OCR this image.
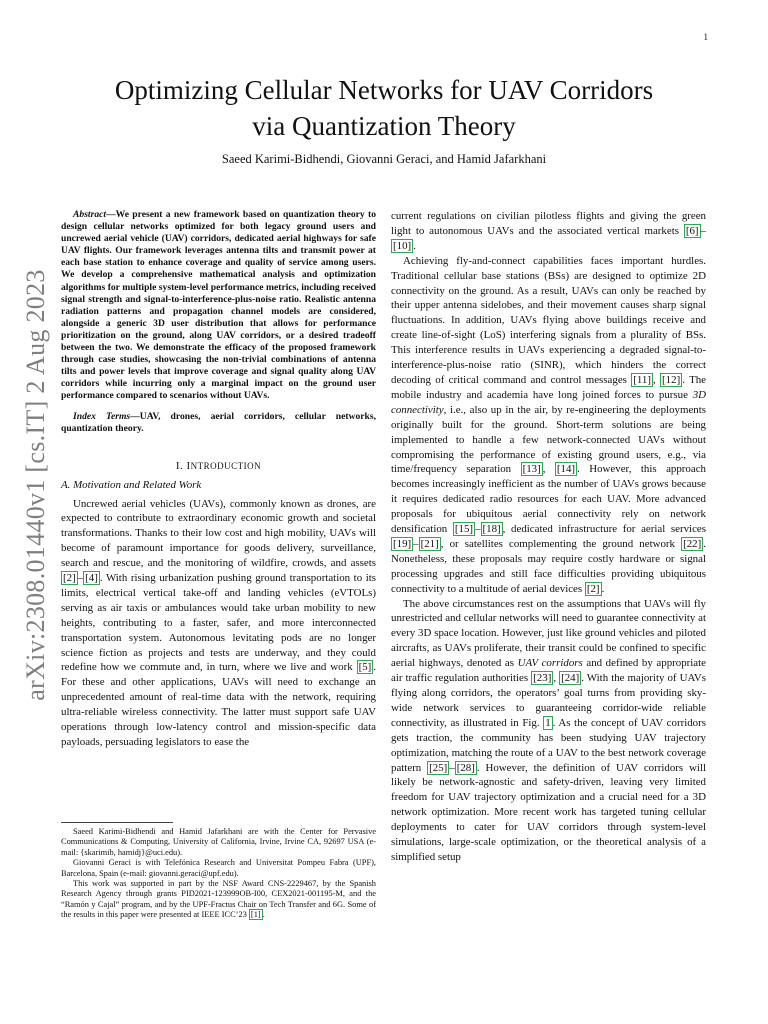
1
arXiv:2308.01440v1 [cs.IT] 2 Aug 2023
Optimizing Cellular Networks for UAV Corridors
via Quantization Theory
Saeed Karimi-Bidhendi, Giovanni Geraci, and Hamid Jafarkhani

Abstract—We present a new framework based on quantization theory to design cellular networks optimized for both legacy ground users and uncrewed aerial vehicle (UAV) corridors, dedicated aerial highways for safe UAV flights. Our framework leverages antenna tilts and transmit power at each base station to enhance coverage and quality of service among users. We develop a comprehensive mathematical analysis and optimization algorithms for multiple system-level performance metrics, including received signal strength and signal-to-interference-plus-noise ratio. Realistic antenna radiation patterns and propagation channel models are considered, alongside a generic 3D user distribution that allows for performance prioritization on the ground, along UAV corridors, or a desired tradeoff between the two. We demonstrate the efficacy of the proposed framework through case studies, showcasing the non-trivial combinations of antenna tilts and power levels that improve coverage and signal quality along UAV corridors while incurring only a marginal impact on the ground user performance compared to scenarios without UAVs.

Index Terms—UAV, drones, aerial corridors, cellular networks, quantization theory.

I. INTRODUCTION
A. Motivation and Related Work

Uncrewed aerial vehicles (UAVs), commonly known as drones, are expected to contribute to extraordinary economic growth and societal transformations. Thanks to their low cost and high mobility, UAVs will become of paramount importance for goods delivery, surveillance, search and rescue, and the monitoring of wildfire, crowds, and assets [2] – [4] . With rising urbanization pushing ground transportation to its limits, electrical vertical take-off and landing vehicles (eVTOLs) serving as air taxis or ambulances would take urban mobility to new heights, contributing to a faster, safer, and more interconnected transportation system. Autonomous levitating pods are no longer science fiction as projects and tests are underway, and they could redefine how we commute and, in turn, where we live and work [5] . For these and other applications, UAVs will need to exchange an unprecedented amount of real-time data with the network, requiring ultra-reliable wireless connectivity. The latter must support safe UAV operations through low-latency control and mission-specific data payloads, persuading legislators to ease the

Saeed Karimi-Bidhendi and Hamid Jafarkhani are with the Center for Pervasive Communications & Computing, University of California, Irvine, Irvine CA, 92697 USA (e-mail: {skarimib, hamidj}@uci.edu).

Giovanni Geraci is with Telefónica Research and Universitat Pompeu Fabra (UPF), Barcelona, Spain (e-mail: giovanni.geraci@upf.edu).

This work was supported in part by the NSF Award CNS-2229467, by the Spanish Research Agency through grants PID2021-123999OB-I00, CEX2021-001195-M, and the “Ramón y Cajal” program, and by the UPF-Fractus Chair on Tech Transfer and 6G. Some of the results in this paper were presented at IEEE ICC’23 [1] .

current regulations on civilian pilotless flights and giving the green light to autonomous UAVs and the associated vertical markets [6] –[10] .

Achieving fly-and-connect capabilities faces important hurdles. Traditional cellular base stations (BSs) are designed to optimize 2D connectivity on the ground. As a result, UAVs can only be reached by their upper antenna sidelobes, and their movement causes sharp signal fluctuations. In addition, UAVs flying above buildings receive and create line-of-sight (LoS) interfering signals from a plurality of BSs. This interference results in UAVs experiencing a degraded signal-to-interference-plus-noise ratio (SINR), which hinders the correct decoding of critical command and control messages [11] , [12] . The mobile industry and academia have long joined forces to pursue 3D connectivity, i.e., also up in the air, by re-engineering the deployments originally built for the ground. Short-term solutions are being implemented to handle a few network-connected UAVs without compromising the performance of existing ground users, e.g., via time/frequency separation [13] , [14] . However, this approach becomes increasingly inefficient as the number of UAVs grows because it requires dedicated radio resources for each UAV. More advanced proposals for ubiquitous aerial connectivity rely on network densification [15] – [18] , dedicated infrastructure for aerial services [19] – [21] , or satellites complementing the ground network [22] . Nonetheless, these proposals may require costly hardware or signal processing upgrades and still face difficulties providing ubiquitous connectivity to a multitude of aerial devices [2] .

The above circumstances rest on the assumptions that UAVs will fly unrestricted and cellular networks will need to guarantee connectivity at every 3D space location. However, just like ground vehicles and piloted aircrafts, as UAVs proliferate, their transit could be confined to specific aerial highways, denoted as UAV corridors and defined by appropriate air traffic regulation authorities [23] , [24] . With the majority of UAVs flying along corridors, the operators’ goal turns from providing sky-wide network services to guaranteeing corridor-wide reliable connectivity, as illustrated in Fig. 1 . As the concept of UAV corridors gets traction, the community has been studying UAV trajectory optimization, matching the route of a UAV to the best network coverage pattern [25] – [28] . However, the definition of UAV corridors will likely be network-agnostic and safety-driven, leaving very limited freedom for UAV trajectory optimization and a crucial need for a 3D network optimization. More recent work has targeted tuning cellular deployments to cater for UAV corridors through system-level simulations, large-scale optimization, or the theoretical analysis of a simplified setup
